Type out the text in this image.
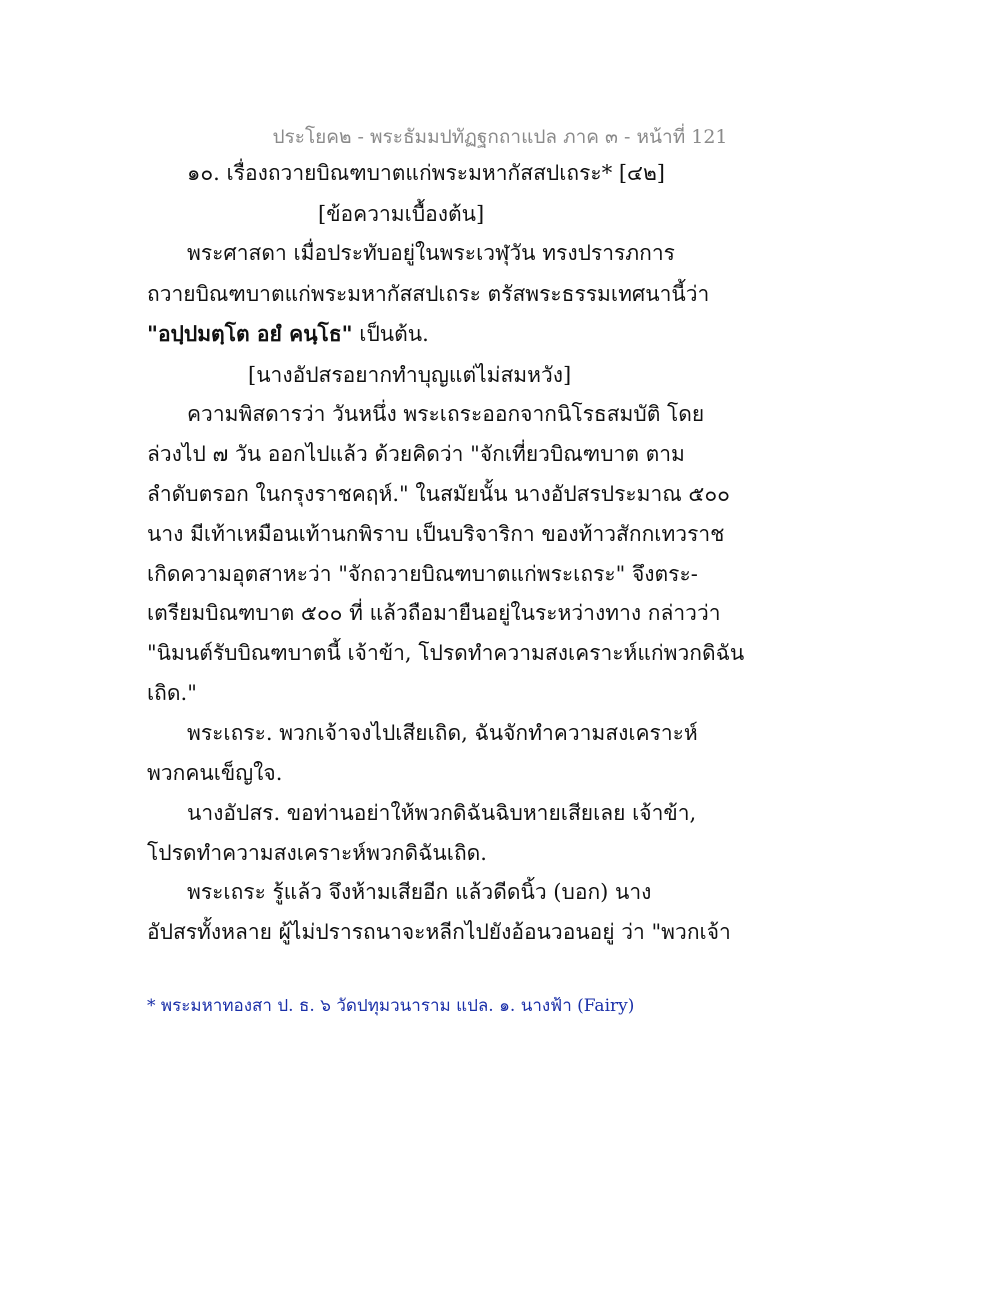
ประโยค๒ - พระธัมมปทัฏฐกถาแปล ภาค ๓ - หน้าที่ 121
๑๐. เรื่องถวายบิณฑบาตแก่พระมหากัสสปเถระ* [๔๒]
[ข้อความเบื้องต้น]
พระศาสดา เมื่อประทับอยู่ในพระเวฬุวัน ทรงปรารภการ
ถวายบิณฑบาตแก่พระมหากัสสปเถระ ตรัสพระธรรมเทศนานี้ว่า
"อปฺปมตฺโต อยํ คนฺโธ" เป็นต้น.
[นางอัปสรอยากทำบุญแต่ไม่สมหวัง]
ความพิสดารว่า วันหนึ่ง พระเถระออกจากนิโรธสมบัติ โดย
ล่วงไป ๗ วัน ออกไปแล้ว ด้วยคิดว่า "จักเที่ยวบิณฑบาต ตาม
ลำดับตรอก ในกรุงราชคฤห์." ในสมัยนั้น นางอัปสรประมาณ ๕๐๐
นาง มีเท้าเหมือนเท้านกพิราบ เป็นบริจาริกา ของท้าวสักกเทวราช
เกิดความอุตสาหะว่า "จักถวายบิณฑบาตแก่พระเถระ" จึงตระ-
เตรียมบิณฑบาต ๕๐๐ ที่ แล้วถือมายืนอยู่ในระหว่างทาง กล่าวว่า
"นิมนต์รับบิณฑบาตนี้ เจ้าข้า, โปรดทำความสงเคราะห์แก่พวกดิฉัน
เถิด."
พระเถระ. พวกเจ้าจงไปเสียเถิด, ฉันจักทำความสงเคราะห์
พวกคนเข็ญใจ.
นางอัปสร. ขอท่านอย่าให้พวกดิฉันฉิบหายเสียเลย เจ้าข้า,
โปรดทำความสงเคราะห์พวกดิฉันเถิด.
พระเถระ รู้แล้ว จึงห้ามเสียอีก แล้วดีดนิ้ว (บอก) นาง
อัปสรทั้งหลาย ผู้ไม่ปรารถนาจะหลีกไปยังอ้อนวอนอยู่ ว่า "พวกเจ้า
* พระมหาทองสา ป. ธ. ๖ วัดปทุมวนาราม แปล. ๑. นางฟ้า (Fairy)
